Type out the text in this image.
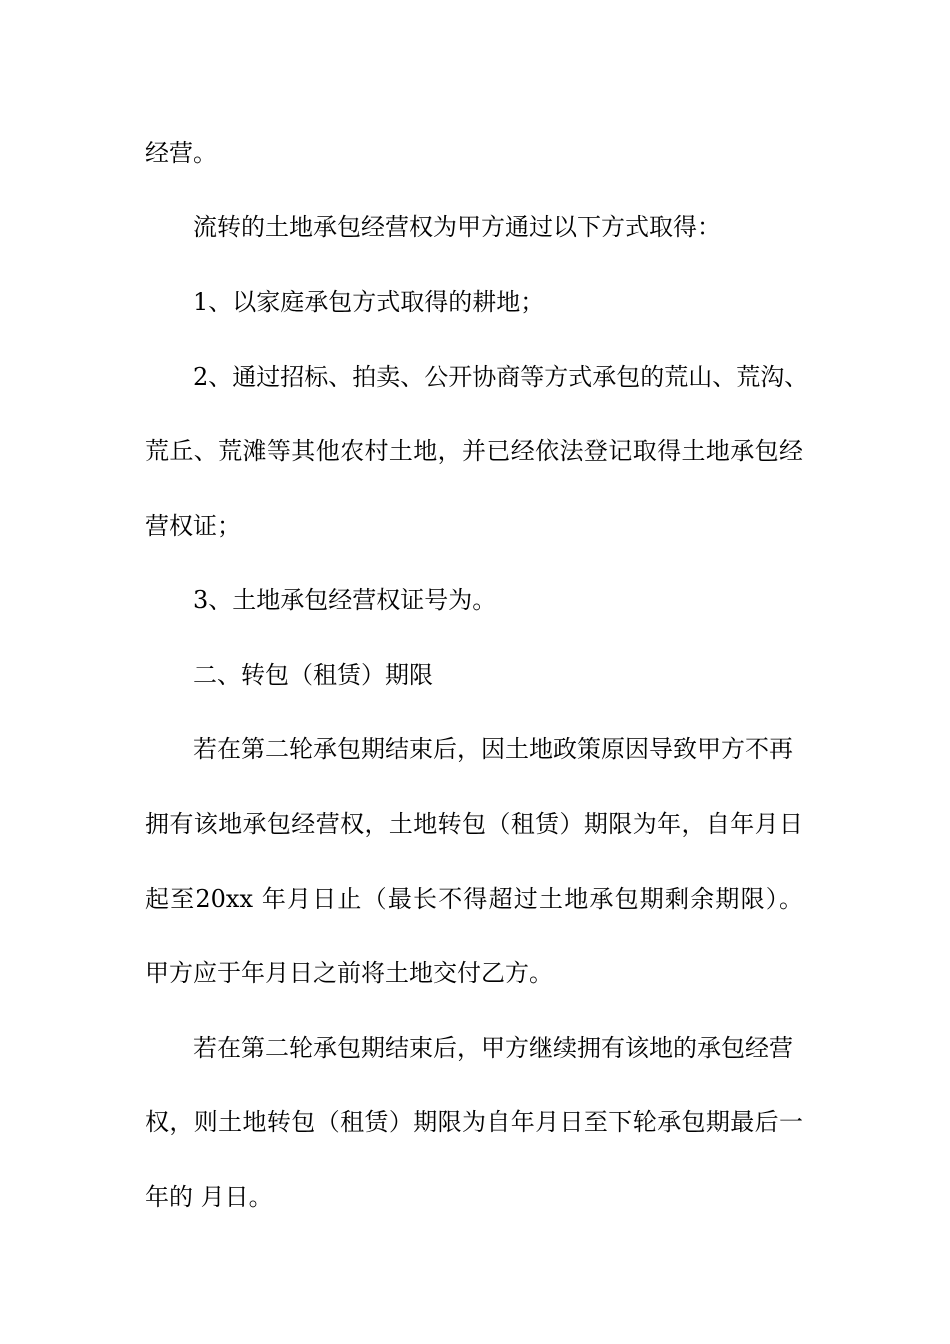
经营。

流转的土地承包经营权为甲方通过以下方式取得：

1、以家庭承包方式取得的耕地；

2、通过招标、拍卖、公开协商等方式承包的荒山、荒沟、

荒丘、荒滩等其他农村土地，并已经依法登记取得土地承包经

营权证；

3、土地承包经营权证号为。

二、转包（租赁）期限

若在第二轮承包期结束后，因土地政策原因导致甲方不再

拥有该地承包经营权，土地转包（租赁）期限为年，自年月日

起至20xx 年月日止（最长不得超过土地承包期剩余期限）。

甲方应于年月日之前将土地交付乙方。

若在第二轮承包期结束后，甲方继续拥有该地的承包经营

权，则土地转包（租赁）期限为自年月日至下轮承包期最后一

年的 月日。
